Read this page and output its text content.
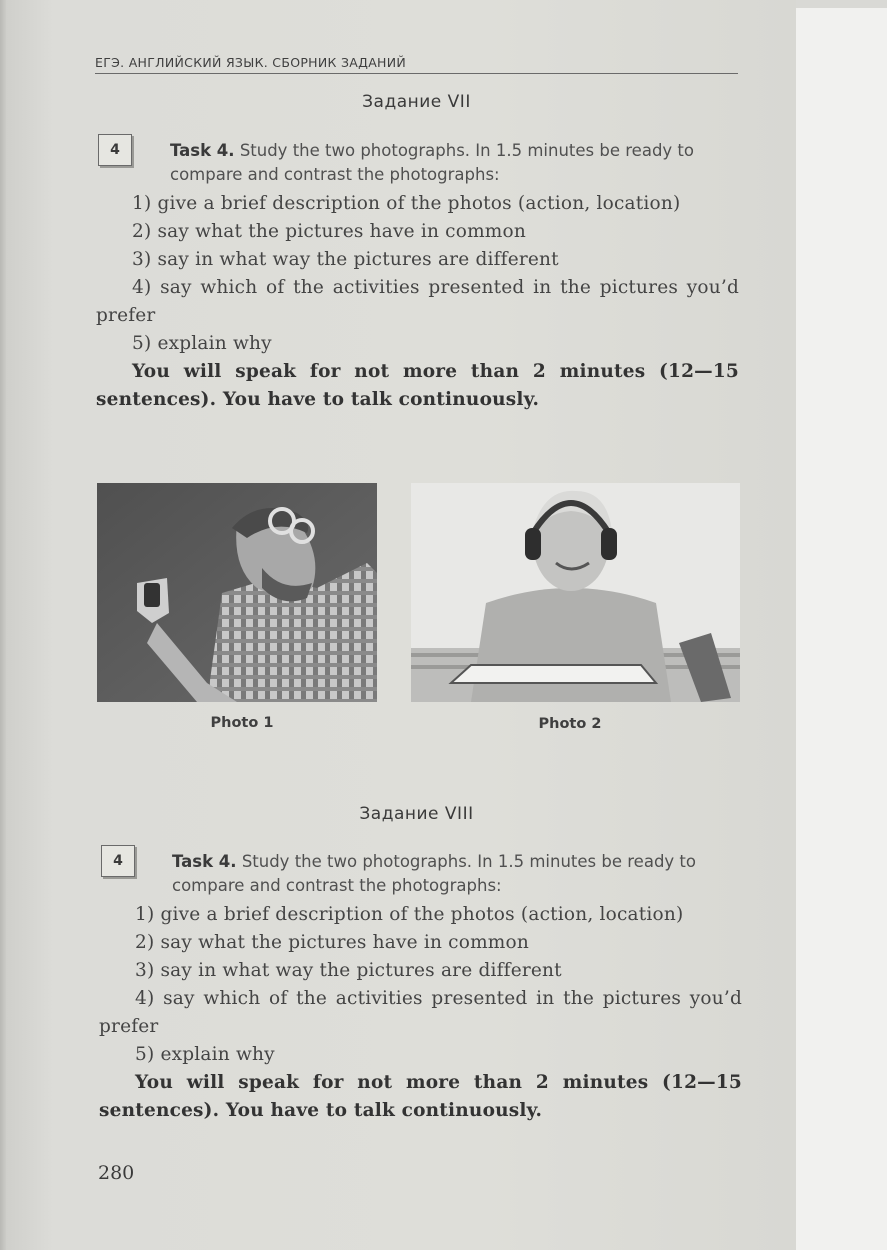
ЕГЭ. АНГЛИЙСКИЙ ЯЗЫК. СБОРНИК ЗАДАНИЙ
Задание VII
4	Task 4. Study the two photographs. In 1.5 minutes be ready to compare and contrast the photographs:

1) give a brief description of the photos (action, location)

2) say what the pictures have in common

3) say in what way the pictures are different

4) say which of the activities presented in the pictures you’d prefer

5) explain why

You will speak for not more than 2 minutes (12—15 sentences). You have to talk continuously.

Photo 1	Photo 2
Задание VIII
4	Task 4. Study the two photographs. In 1.5 minutes be ready to compare and contrast the photographs:

1) give a brief description of the photos (action, location)

2) say what the pictures have in common

3) say in what way the pictures are different

4) say which of the activities presented in the pictures you’d prefer

5) explain why

You will speak for not more than 2 minutes (12—15 sentences). You have to talk continuously.

280
